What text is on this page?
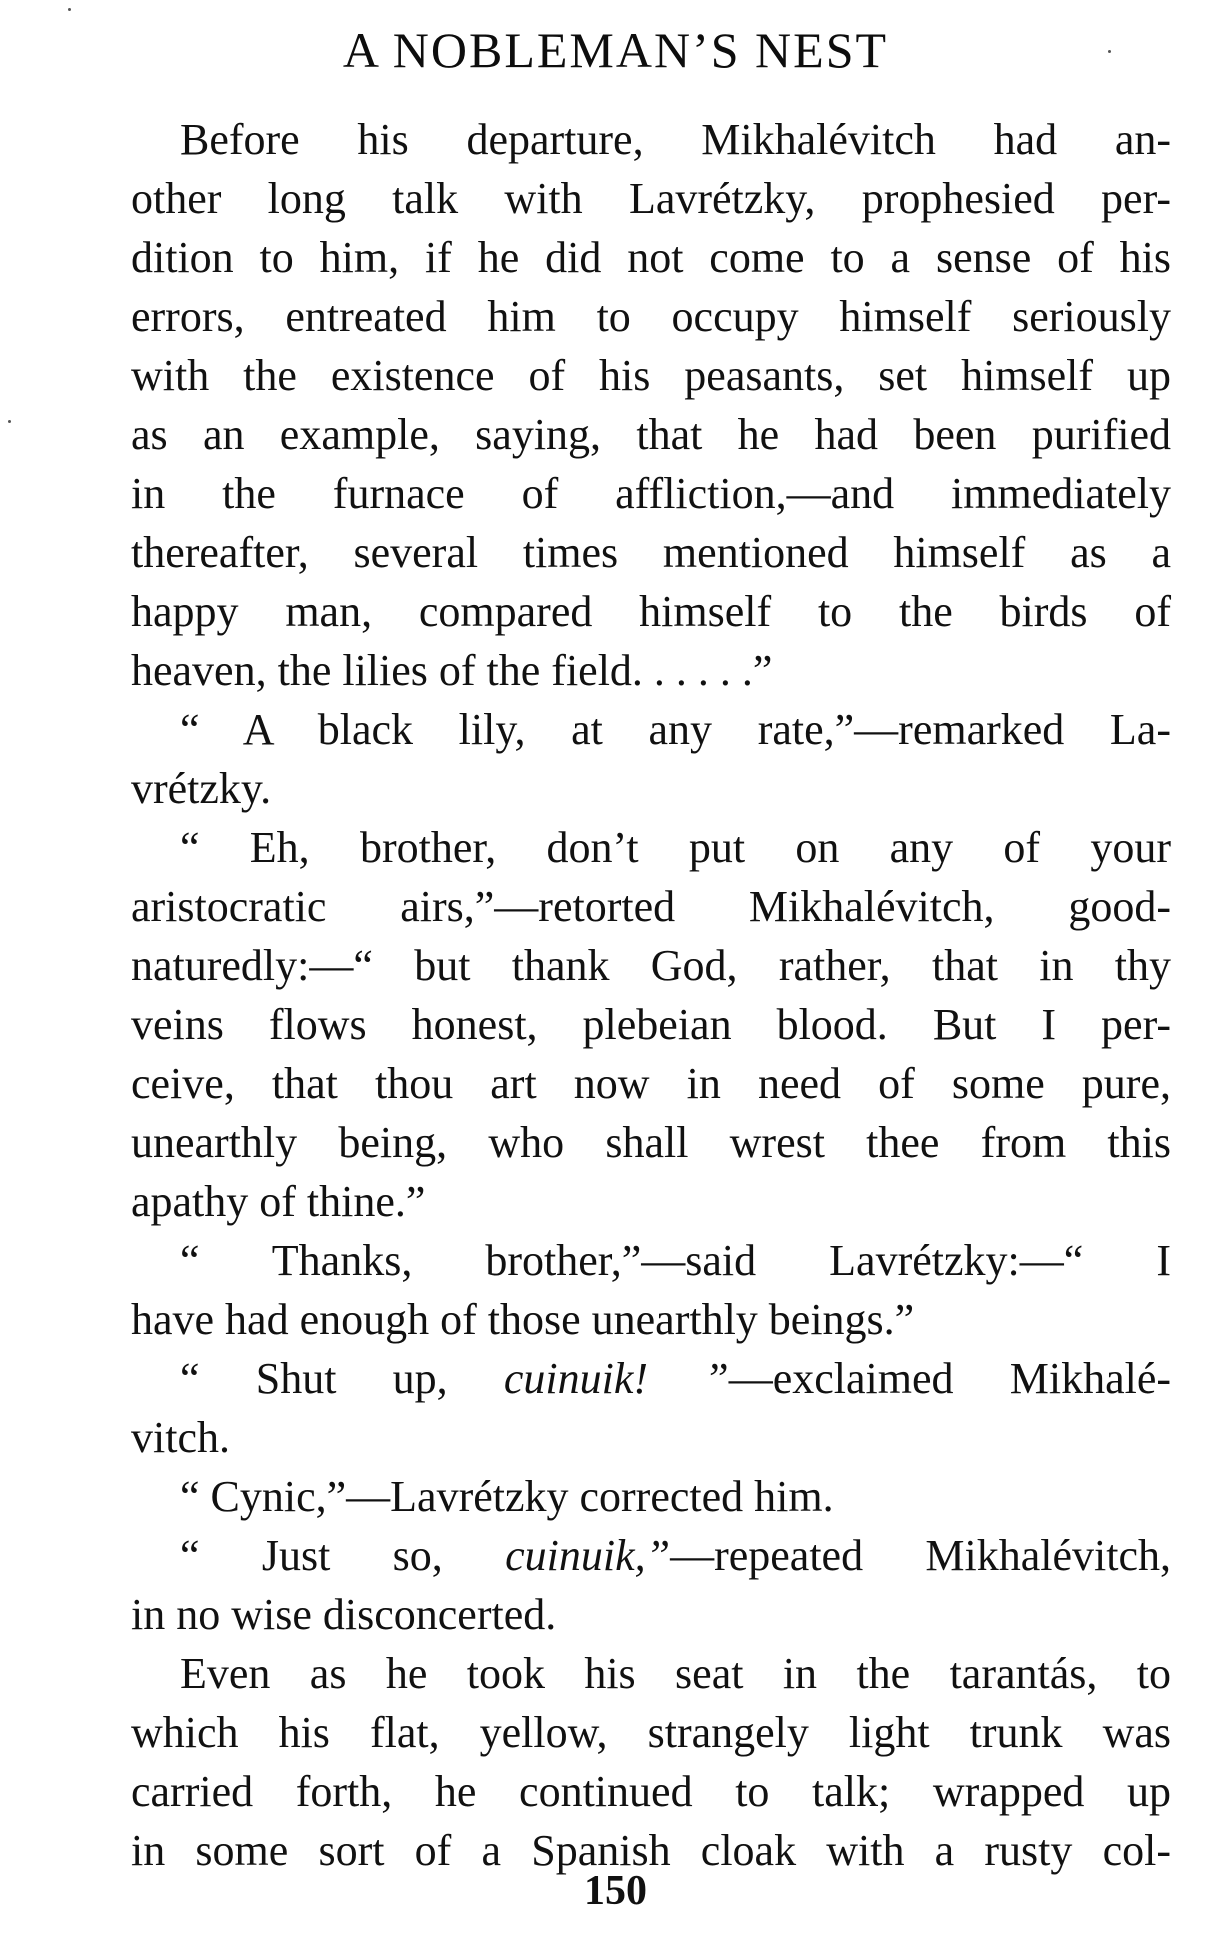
A NOBLEMAN’S NEST
Before his departure, Mikhalévitch had an-
other long talk with Lavrétzky, prophesied per-
dition to him, if he did not come to a sense of his
errors, entreated him to occupy himself seriously
with the existence of his peasants, set himself up
as an example, saying, that he had been purified
in the furnace of affliction,—and immediately
thereafter, several times mentioned himself as a
happy man, compared himself to the birds of
heaven, the lilies of the field. . . . . .”
“ A black lily, at any rate,”—remarked La-
vrétzky.
“ Eh, brother, don’t put on any of your
aristocratic airs,”—retorted Mikhalévitch, good-
naturedly:—“ but thank God, rather, that in thy
veins flows honest, plebeian blood. But I per-
ceive, that thou art now in need of some pure,
unearthly being, who shall wrest thee from this
apathy of thine.”
“ Thanks, brother,”—said Lavrétzky:—“ I
have had enough of those unearthly beings.”
“ Shut up, cuinuik! ”—exclaimed Mikhalé-
vitch.
“ Cynic,”—Lavrétzky corrected him.
“ Just so, cuinuik,”—repeated Mikhalévitch,
in no wise disconcerted.
Even as he took his seat in the tarantás, to
which his flat, yellow, strangely light trunk was
carried forth, he continued to talk; wrapped up
in some sort of a Spanish cloak with a rusty col-
150
